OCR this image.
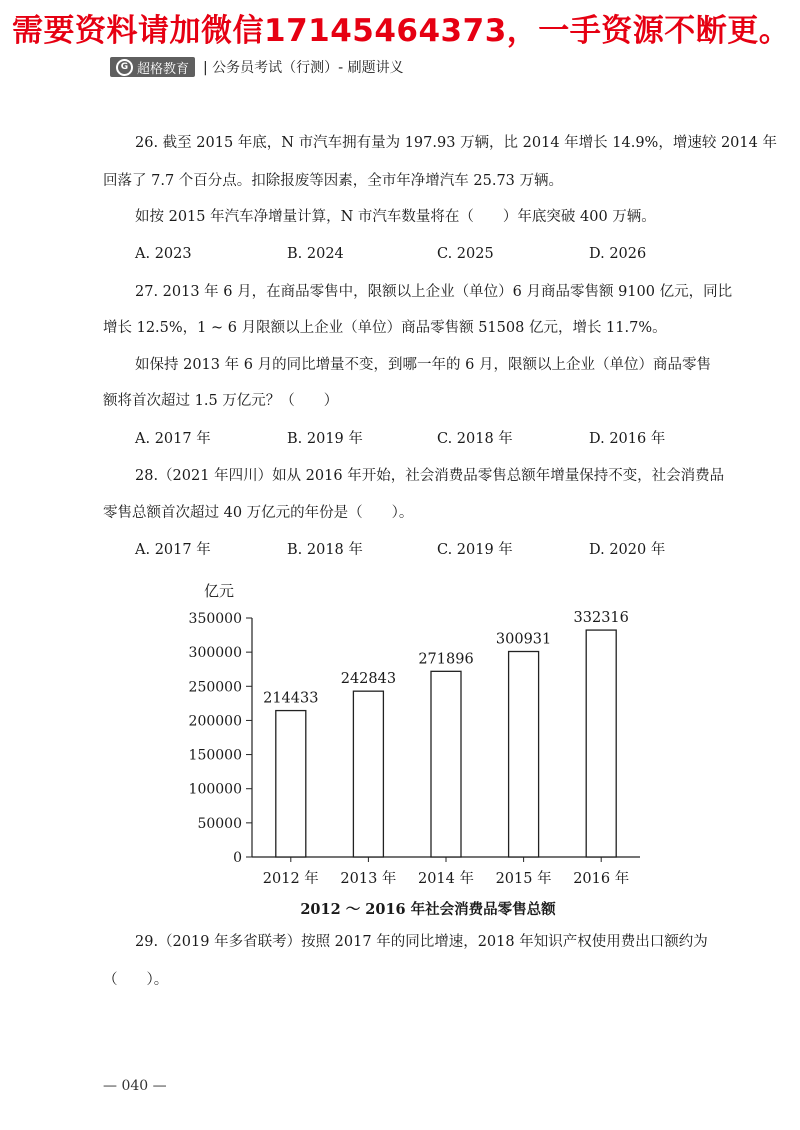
需要资料请加微信17145464373，一手资源不断更。
G 超格教育 | 公务员考试（行测）- 刷题讲义
26. 截至 2015 年底，N 市汽车拥有量为 197.93 万辆，比 2014 年增长 14.9%，增速较 2014 年
回落了 7.7 个百分点。扣除报废等因素，全市年净增汽车 25.73 万辆。
如按 2015 年汽车净增量计算，N 市汽车数量将在（　　）年底突破 400 万辆。
A. 2023	B. 2024	C. 2025	D. 2026
27. 2013 年 6 月，在商品零售中，限额以上企业（单位）6 月商品零售额 9100 亿元，同比
增长 12.5%，1 ~ 6 月限额以上企业（单位）商品零售额 51508 亿元，增长 11.7%。
如保持 2013 年 6 月的同比增量不变，到哪一年的 6 月，限额以上企业（单位）商品零售
额将首次超过 1.5 万亿元？（　　）
A. 2017 年	B. 2019 年	C. 2018 年	D. 2016 年
28.（2021 年四川）如从 2016 年开始，社会消费品零售总额年增量保持不变，社会消费品
零售总额首次超过 40 万亿元的年份是（　　）。
A. 2017 年	B. 2018 年	C. 2019 年	D. 2020 年
亿元
0
50000
100000
150000
200000
250000
300000
350000
214433
242843
271896
300931
332316
2012 年 2013 年 2014 年 2015 年 2016 年
2012 ～ 2016 年社会消费品零售总额
29.（2019 年多省联考）按照 2017 年的同比增速，2018 年知识产权使用费出口额约为
（　　）。
— 040 —
